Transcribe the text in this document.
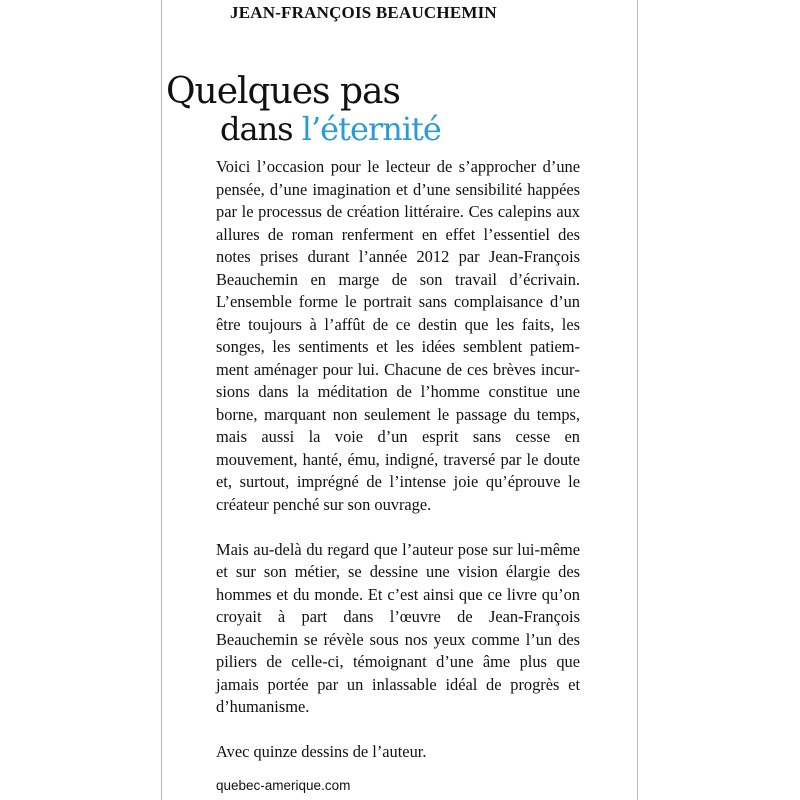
JEAN-FRANÇOIS BEAUCHEMIN
Quelques pas
dans l’éternité

Voici l’occasion pour le lecteur de s’approcher d’une pensée, d’une imagination et d’une sensibilité happées par le processus de création littéraire. Ces calepins aux allures de roman renferment en effet l’essentiel des notes prises durant l’année 2012 par Jean-François Beauchemin en marge de son travail d’écrivain. L’ensemble forme le portrait sans complaisance d’un être toujours à l’affût de ce destin que les faits, les songes, les sentiments et les idées semblent patiemment aménager pour lui. Chacune de ces brèves incursions dans la méditation de l’homme constitue une borne, marquant non seulement le passage du temps, mais aussi la voie d’un esprit sans cesse en mouvement, hanté, ému, indigné, traversé par le doute et, surtout, imprégné de l’intense joie qu’éprouve le créateur penché sur son ouvrage.

Mais au-delà du regard que l’auteur pose sur lui-même et sur son métier, se dessine une vision élargie des hommes et du monde. Et c’est ainsi que ce livre qu’on croyait à part dans l’œuvre de Jean-François Beauchemin se révèle sous nos yeux comme l’un des piliers de celle-ci, témoignant d’une âme plus que jamais portée par un inlassable idéal de progrès et d’humanisme.

Avec quinze dessins de l’auteur.

quebec-amerique.com
